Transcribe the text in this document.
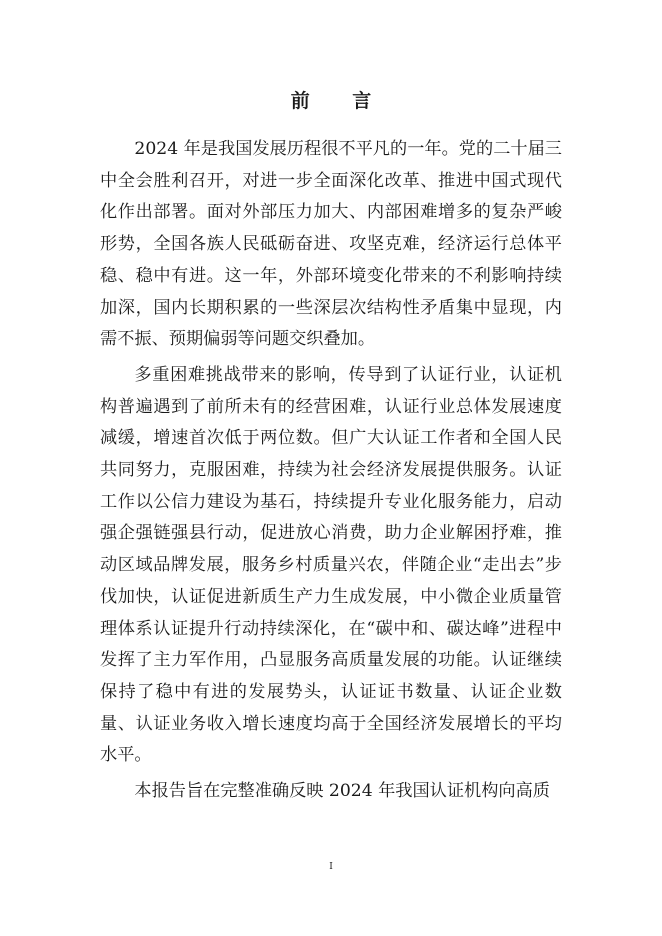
前 言

2024 年是我国发展历程很不平凡的一年。党的二十届三中全会胜利召开，对进一步全面深化改革、推进中国式现代化作出部署。面对外部压力加大、内部困难增多的复杂严峻形势，全国各族人民砥砺奋进、攻坚克难，经济运行总体平稳、稳中有进。这一年，外部环境变化带来的不利影响持续加深，国内长期积累的一些深层次结构性矛盾集中显现，内需不振、预期偏弱等问题交织叠加。

多重困难挑战带来的影响，传导到了认证行业，认证机构普遍遇到了前所未有的经营困难，认证行业总体发展速度减缓，增速首次低于两位数。但广大认证工作者和全国人民共同努力，克服困难，持续为社会经济发展提供服务。认证工作以公信力建设为基石，持续提升专业化服务能力，启动强企强链强县行动，促进放心消费，助力企业解困抒难，推动区域品牌发展，服务乡村质量兴农，伴随企业“走出去”步伐加快，认证促进新质生产力生成发展，中小微企业质量管理体系认证提升行动持续深化，在“碳中和、碳达峰”进程中发挥了主力军作用，凸显服务高质量发展的功能。认证继续保持了稳中有进的发展势头，认证证书数量、认证企业数量、认证业务收入增长速度均高于全国经济发展增长的平均水平。

本报告旨在完整准确反映 2024 年我国认证机构向高质

I
